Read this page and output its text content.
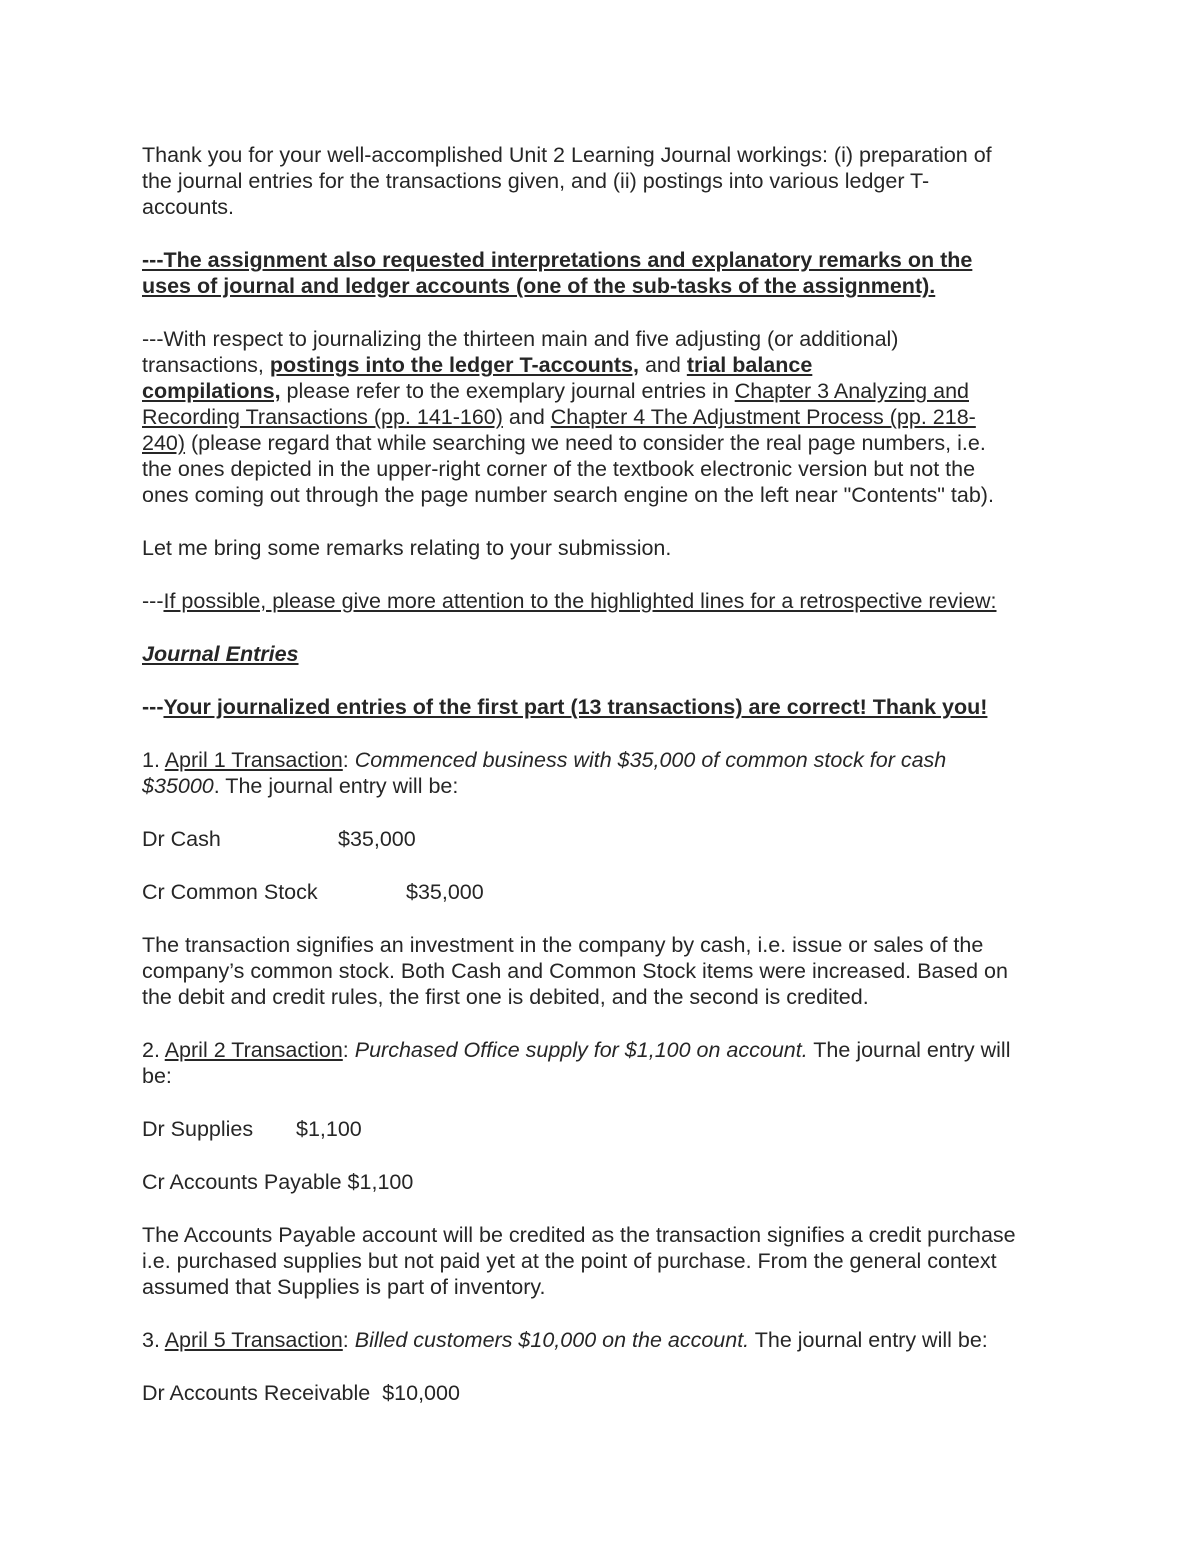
Thank you for your well-accomplished Unit 2 Learning Journal workings: (i) preparation of
the journal entries for the transactions given, and (ii) postings into various ledger T-
accounts.

---The assignment also requested interpretations and explanatory remarks on the
uses of journal and ledger accounts (one of the sub-tasks of the assignment).

---With respect to journalizing the thirteen main and five adjusting (or additional)
transactions, postings into the ledger T-accounts, and trial balance
compilations, please refer to the exemplary journal entries in Chapter 3 Analyzing and
Recording Transactions (pp. 141-160) and Chapter 4 The Adjustment Process (pp. 218-
240) (please regard that while searching we need to consider the real page numbers, i.e.
the ones depicted in the upper-right corner of the textbook electronic version but not the
ones coming out through the page number search engine on the left near "Contents" tab).

Let me bring some remarks relating to your submission.

---If possible, please give more attention to the highlighted lines for a retrospective review:

Journal Entries

---Your journalized entries of the first part (13 transactions) are correct! Thank you!

1. April 1 Transaction: Commenced business with $35,000 of common stock for cash
$35000. The journal entry will be:

Dr Cash	$35,000

Cr Common Stock	$35,000

The transaction signifies an investment in the company by cash, i.e. issue or sales of the
company’s common stock. Both Cash and Common Stock items were increased. Based on
the debit and credit rules, the first one is debited, and the second is credited.

2. April 2 Transaction: Purchased Office supply for $1,100 on account. The journal entry will
be:

Dr Supplies $1,100

Cr Accounts Payable $1,100

The Accounts Payable account will be credited as the transaction signifies a credit purchase
i.e. purchased supplies but not paid yet at the point of purchase. From the general context
assumed that Supplies is part of inventory.

3. April 5 Transaction: Billed customers $10,000 on the account. The journal entry will be:

Dr Accounts Receivable  $10,000
